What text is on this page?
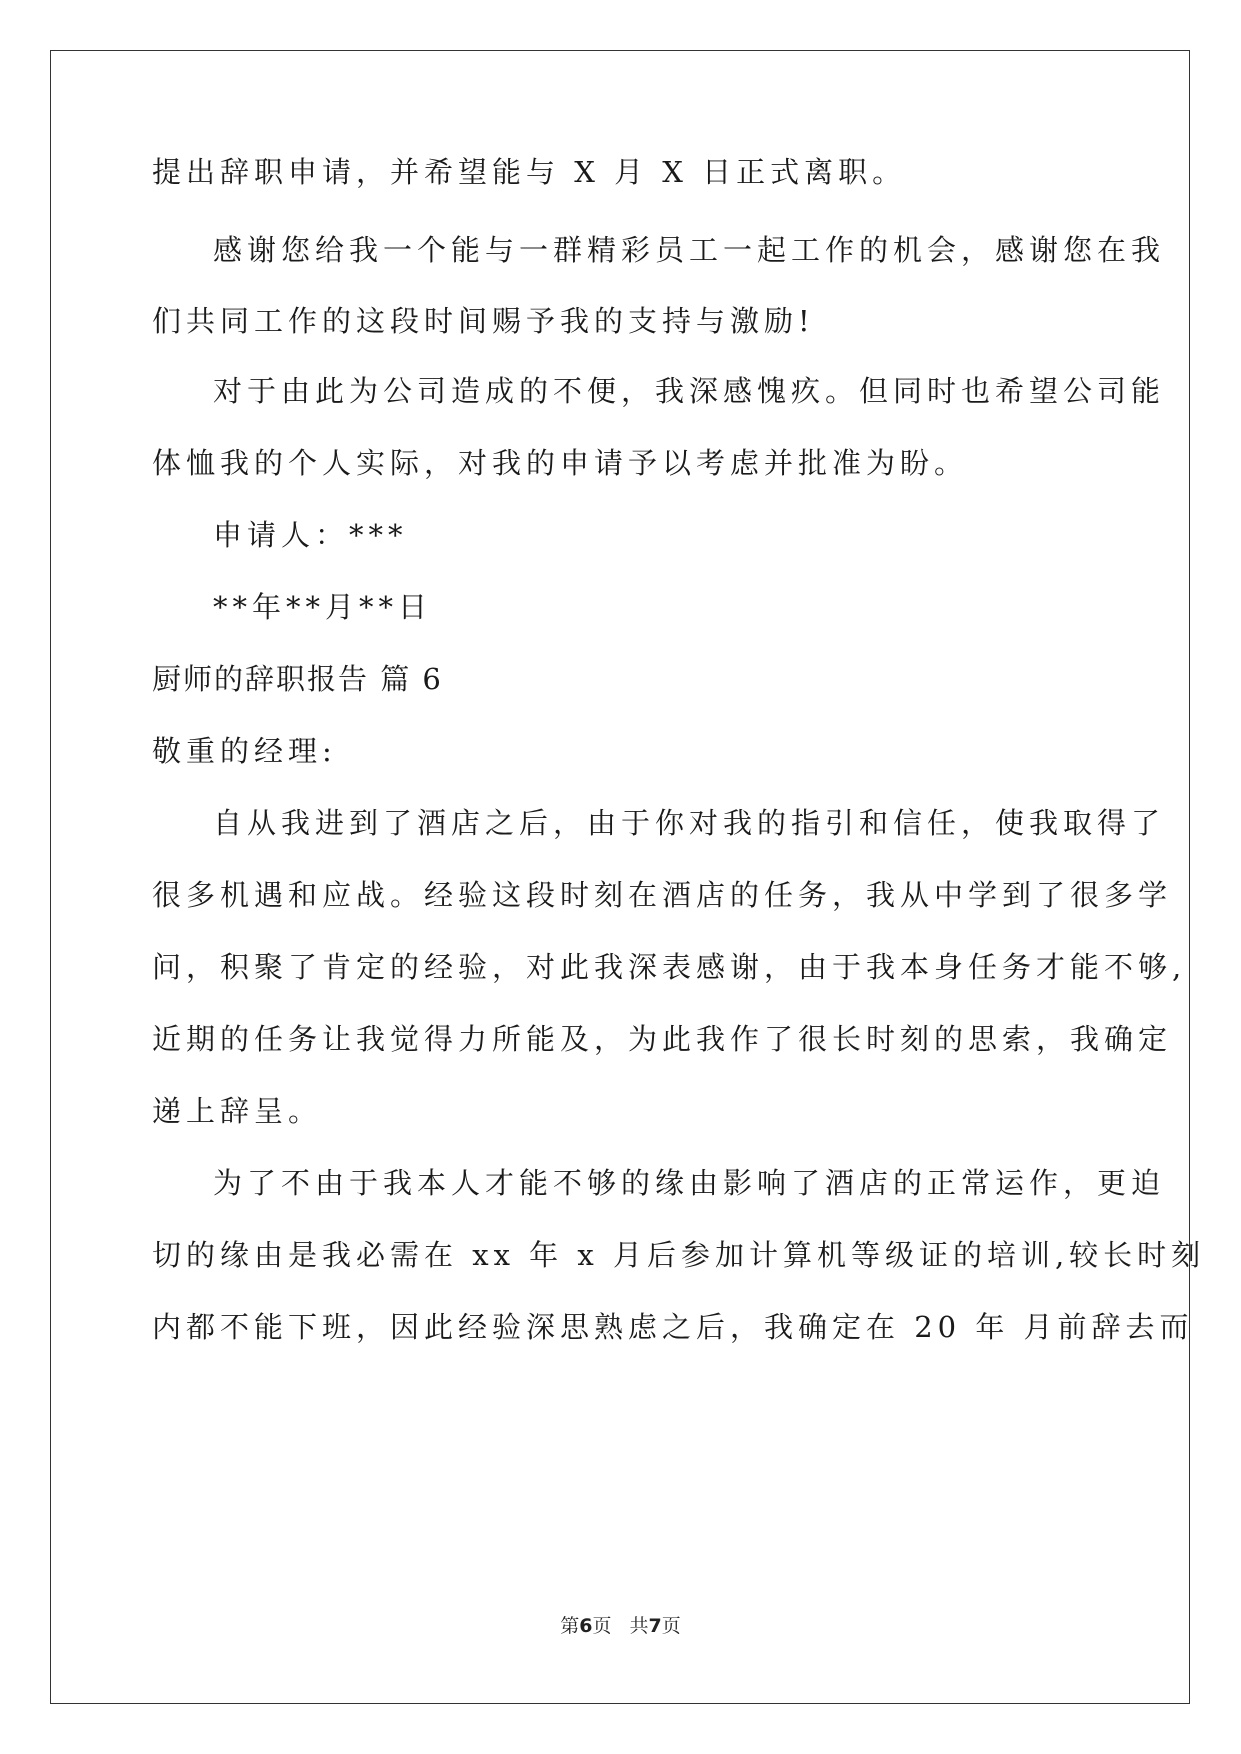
提出辞职申请，并希望能与 X 月 X 日正式离职。
感谢您给我一个能与一群精彩员工一起工作的机会，感谢您在我
们共同工作的这段时间赐予我的支持与激励!
对于由此为公司造成的不便，我深感愧疚。但同时也希望公司能
体恤我的个人实际，对我的申请予以考虑并批准为盼。
申请人：***
**年**月**日
厨师的辞职报告 篇 6
敬重的经理:
自从我进到了酒店之后，由于你对我的指引和信任，使我取得了
很多机遇和应战。经验这段时刻在酒店的任务，我从中学到了很多学
问，积聚了肯定的经验，对此我深表感谢，由于我本身任务才能不够,
近期的任务让我觉得力所能及，为此我作了很长时刻的思索，我确定
递上辞呈。
为了不由于我本人才能不够的缘由影响了酒店的正常运作，更迫
切的缘由是我必需在 xx 年 x 月后参加计算机等级证的培训,较长时刻
内都不能下班，因此经验深思熟虑之后，我确定在 20 年 月前辞去而
第6页 共7页
